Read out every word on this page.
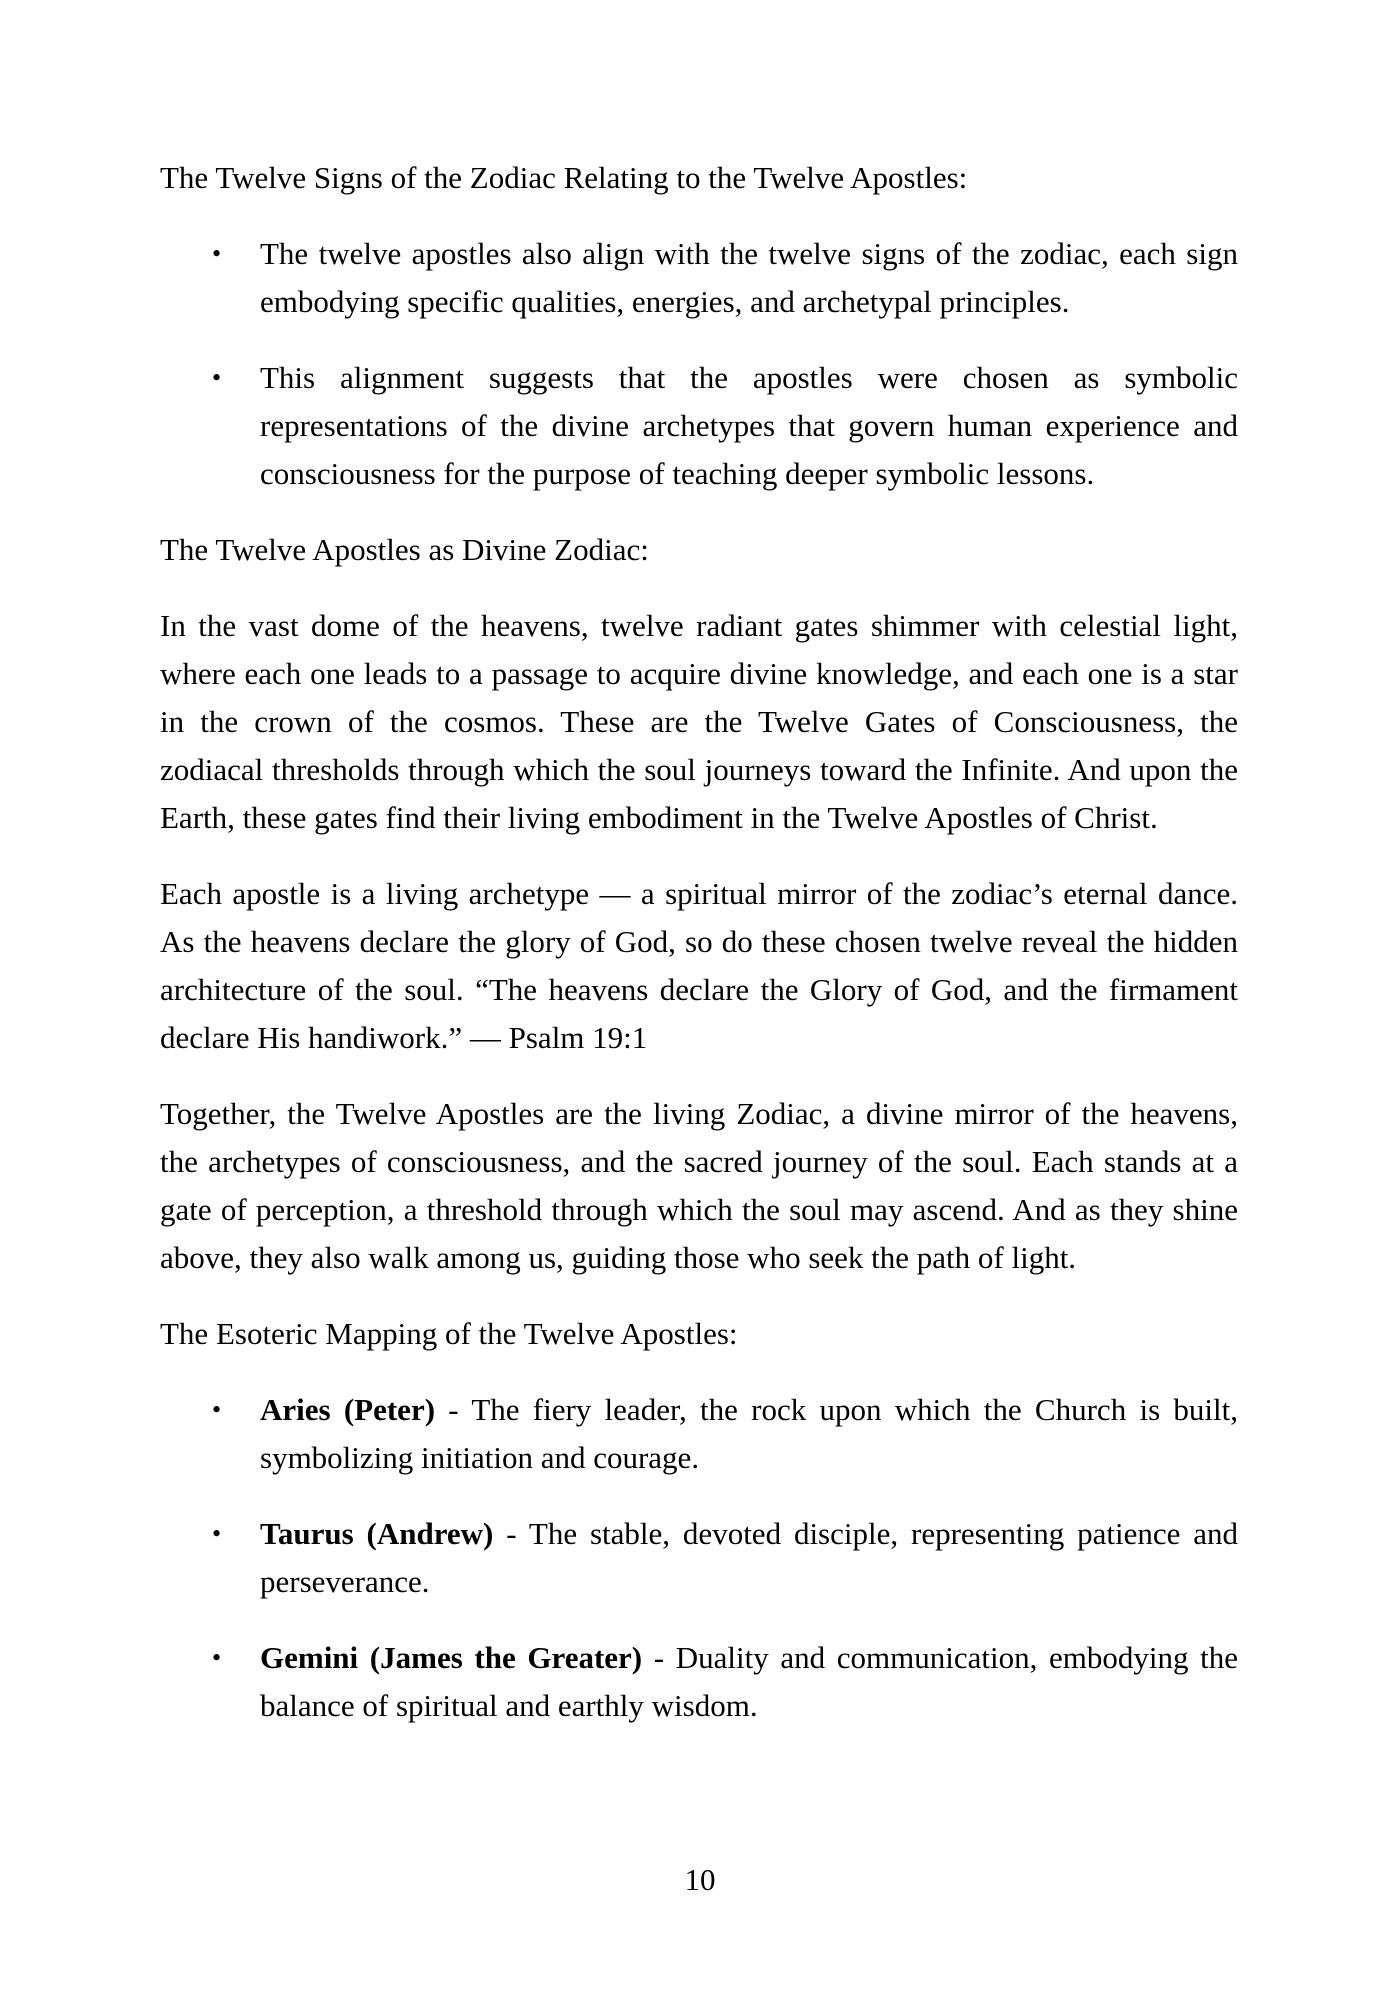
The Twelve Signs of the Zodiac Relating to the Twelve Apostles:

• The twelve apostles also align with the twelve signs of the zodiac, each sign embodying specific qualities, energies, and archetypal principles.
• This alignment suggests that the apostles were chosen as symbolic representations of the divine archetypes that govern human experience and consciousness for the purpose of teaching deeper symbolic lessons.

The Twelve Apostles as Divine Zodiac:

In the vast dome of the heavens, twelve radiant gates shimmer with celestial light, where each one leads to a passage to acquire divine knowledge, and each one is a star in the crown of the cosmos. These are the Twelve Gates of Consciousness, the zodiacal thresholds through which the soul journeys toward the Infinite. And upon the Earth, these gates find their living embodiment in the Twelve Apostles of Christ.

Each apostle is a living archetype — a spiritual mirror of the zodiac’s eternal dance. As the heavens declare the glory of God, so do these chosen twelve reveal the hidden architecture of the soul. “The heavens declare the Glory of God, and the firmament declare His handiwork.” — Psalm 19:1

Together, the Twelve Apostles are the living Zodiac, a divine mirror of the heavens, the archetypes of consciousness, and the sacred journey of the soul. Each stands at a gate of perception, a threshold through which the soul may ascend. And as they shine above, they also walk among us, guiding those who seek the path of light.

The Esoteric Mapping of the Twelve Apostles:

• Aries (Peter) - The fiery leader, the rock upon which the Church is built, symbolizing initiation and courage.
• Taurus (Andrew) - The stable, devoted disciple, representing patience and perseverance.
• Gemini (James the Greater) - Duality and communication, embodying the balance of spiritual and earthly wisdom.
10
